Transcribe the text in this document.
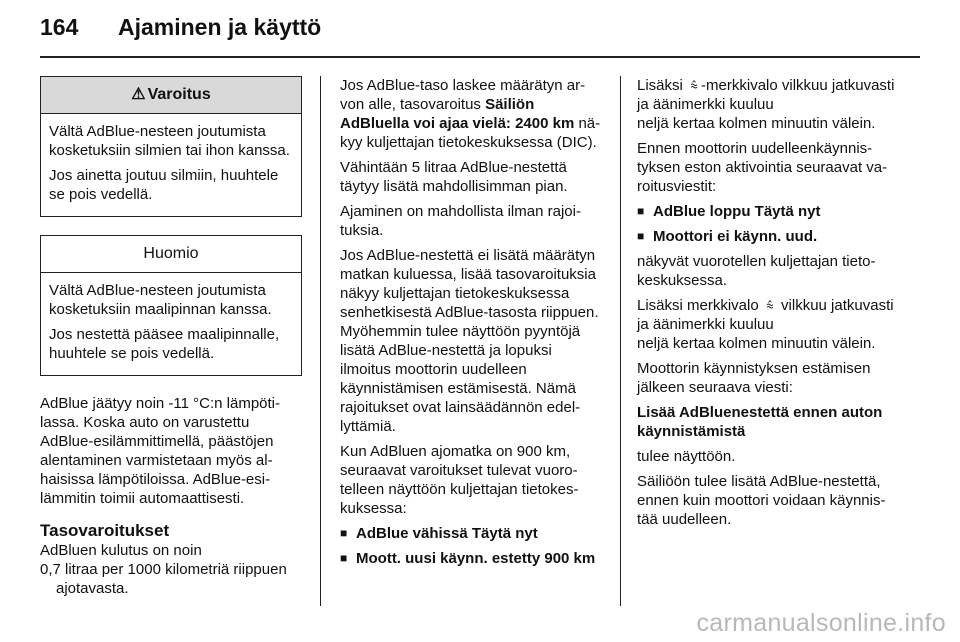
164 Ajaminen ja käyttö
⚠ Varoitus

Vältä AdBlue-nesteen joutumista kosketuksiin silmien tai ihon kanssa.

Jos ainetta joutuu silmiin, huuhtele se pois vedellä.

Huomio

Vältä AdBlue-nesteen joutumista kosketuksiin maalipinnan kanssa.

Jos nestettä pääsee maalipinnalle, huuhtele se pois vedellä.

AdBlue jäätyy noin -11 °C:n lämpötilassa. Koska auto on varustettu AdBlue-esilämmittimellä, päästöjen alentaminen varmistetaan myös alhaisissa lämpötiloissa. AdBlue-esilämmitin toimii automaattisesti.

Tasovaroitukset
AdBluen kulutus on noin
0,7 litraa per 1000 kilometriä riippuen
ajotavasta.

Jos AdBlue-taso laskee määrätyn arvon alle, tasovaroitus Säiliön AdBluella voi ajaa vielä: 2400 km näkyy kuljettajan tietokeskuksessa (DIC).

Vähintään 5 litraa AdBlue-nestettä täytyy lisätä mahdollisimman pian.

Ajaminen on mahdollista ilman rajoituksia.

Jos AdBlue-nestettä ei lisätä määrätyn matkan kuluessa, lisää tasovaroituksia näkyy kuljettajan tietokeskuksessa senhetkisestä AdBlue-tasosta riippuen. Myöhemmin tulee näyttöön pyyntöjä lisätä AdBlue-nestettä ja lopuksi ilmoitus moottorin uudelleen käynnistämisen estämisestä. Nämä rajoitukset ovat lainsäädännön edellyttämiä.

Kun AdBluen ajomatka on 900 km, seuraavat varoitukset tulevat vuorotelleen näyttöön kuljettajan tietokeskuksessa:

■ AdBlue vähissä Täytä nyt
■ Moott. uusi käynn. estetty 900 km

Lisäksi ⩯ -merkkivalo vilkkuu jatkuvasti ja äänimerkki kuuluu
neljä kertaa kolmen minuutin välein.

Ennen moottorin uudelleenkäynnistyksen eston aktivointia seuraavat varoitusviestit:

■ AdBlue loppu Täytä nyt
■ Moottori ei käynn. uud.

näkyvät vuorotellen kuljettajan tietokeskuksessa.

Lisäksi merkkivalo ⩯ vilkkuu jatkuvasti ja äänimerkki kuuluu
neljä kertaa kolmen minuutin välein.

Moottorin käynnistyksen estämisen jälkeen seuraava viesti:

Lisää AdBluenestettä ennen auton käynnistämistä

tulee näyttöön.

Säiliöön tulee lisätä AdBlue-nestettä, ennen kuin moottori voidaan käynnistää uudelleen.

carmanualsonline.info
